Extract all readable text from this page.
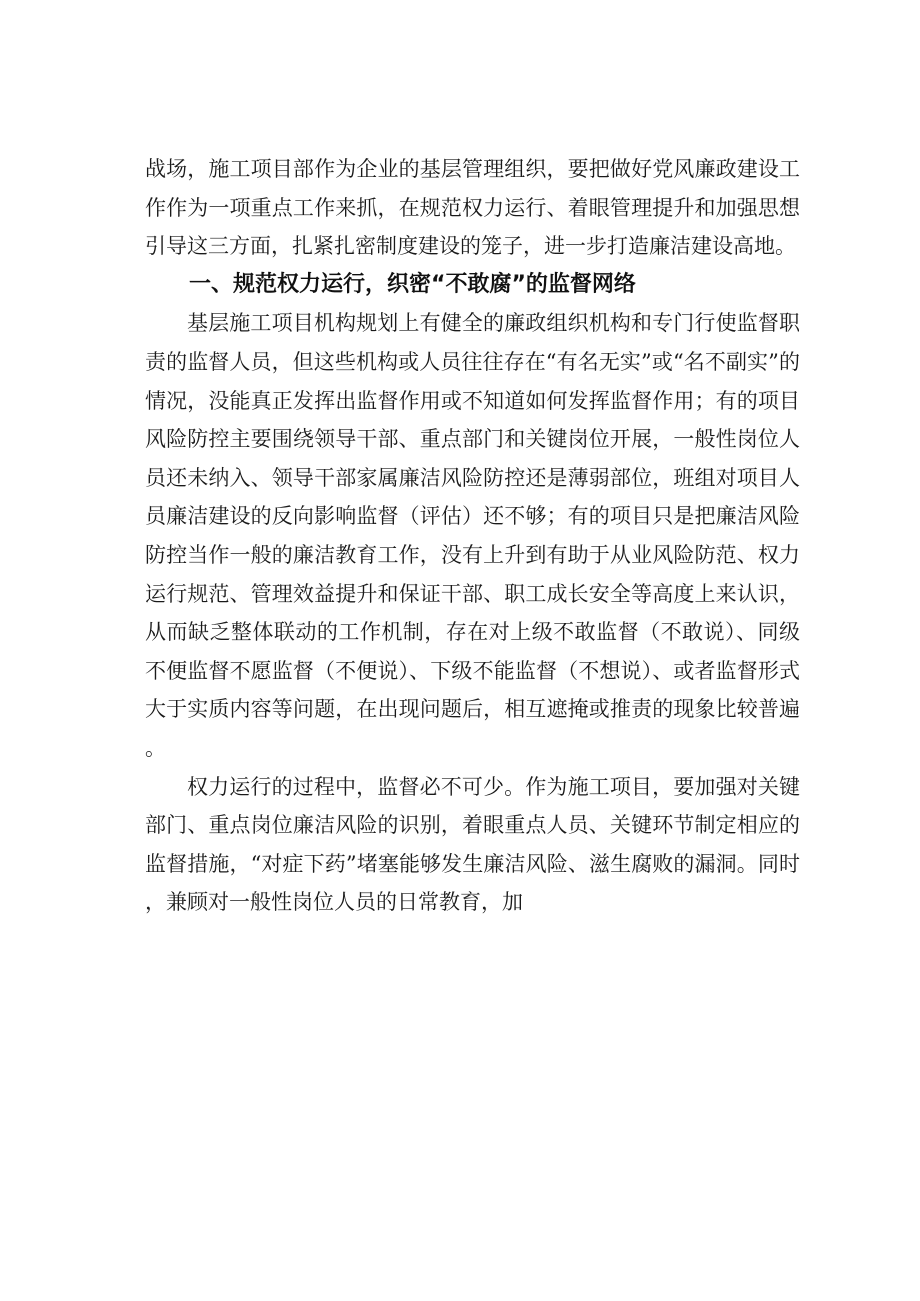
战场，施工项目部作为企业的基层管理组织，要把做好党风廉政建设工作作为一项重点工作来抓，在规范权力运行、着眼管理提升和加强思想引导这三方面，扎紧扎密制度建设的笼子，进一步打造廉洁建设高地。

一、规范权力运行，织密“不敢腐”的监督网络

基层施工项目机构规划上有健全的廉政组织机构和专门行使监督职责的监督人员，但这些机构或人员往往存在“有名无实”或“名不副实”的情况，没能真正发挥出监督作用或不知道如何发挥监督作用；有的项目风险防控主要围绕领导干部、重点部门和关键岗位开展，一般性岗位人员还未纳入、领导干部家属廉洁风险防控还是薄弱部位，班组对项目人员廉洁建设的反向影响监督（评估）还不够；有的项目只是把廉洁风险防控当作一般的廉洁教育工作，没有上升到有助于从业风险防范、权力运行规范、管理效益提升和保证干部、职工成长安全等高度上来认识，从而缺乏整体联动的工作机制，存在对上级不敢监督（不敢说）、同级不便监督不愿监督（不便说）、下级不能监督（不想说）、或者监督形式大于实质内容等问题，在出现问题后，相互遮掩或推责的现象比较普遍。

权力运行的过程中，监督必不可少。作为施工项目，要加强对关键部门、重点岗位廉洁风险的识别，着眼重点人员、关键环节制定相应的监督措施，“对症下药”堵塞能够发生廉洁风险、滋生腐败的漏洞。同时，兼顾对一般性岗位人员的日常教育，加
